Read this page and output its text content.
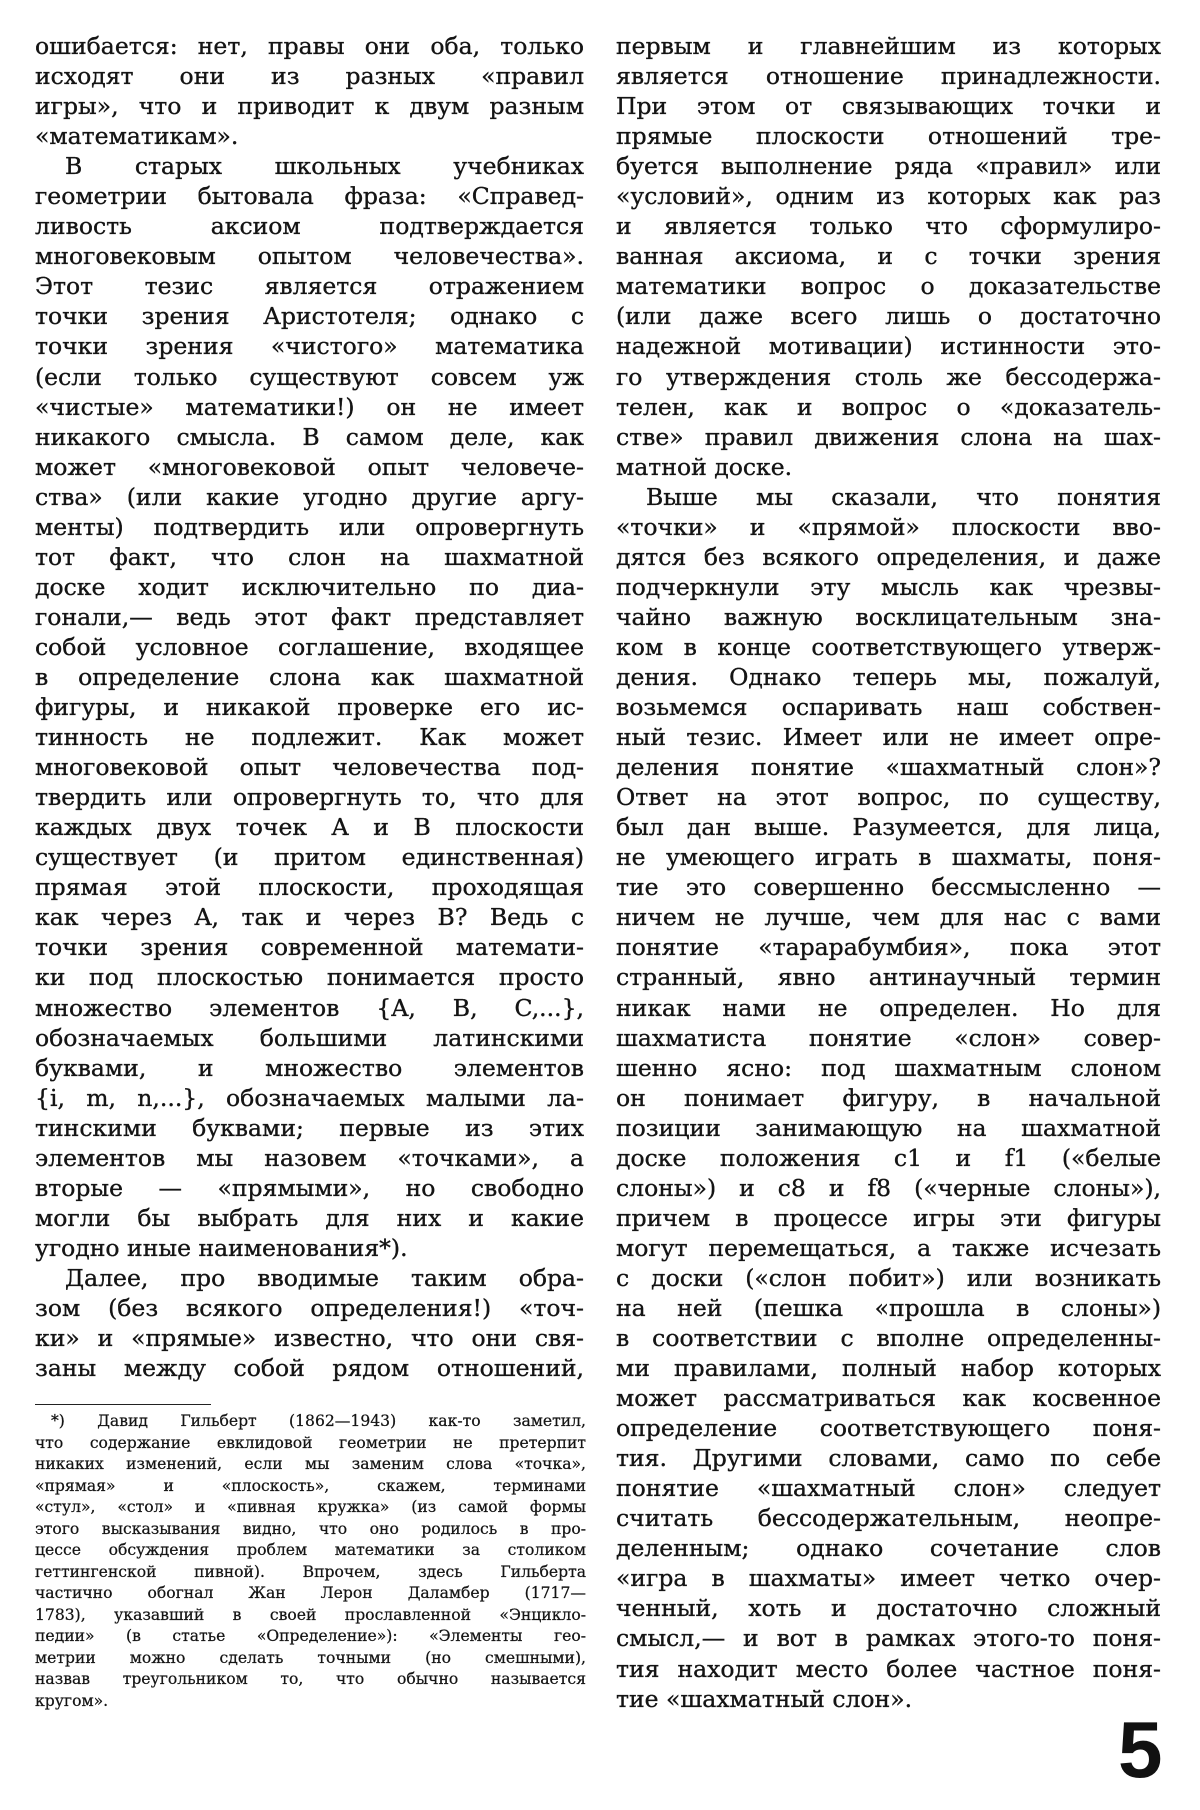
ошибается: нет, правы они оба, только
исходят они из разных «правил
игры», что и приводит к двум разным
«математикам».
В старых школьных учебниках
геометрии бытовала фраза: «Справед-
ливость аксиом подтверждается
многовековым опытом человечества».
Этот тезис является отражением
точки зрения Аристотеля; однако с
точки зрения «чистого» математика
(если только существуют совсем уж
«чистые» математики!) он не имеет
никакого смысла. В самом деле, как
может «многовековой опыт человече-
ства» (или какие угодно другие аргу-
менты) подтвердить или опровергнуть
тот факт, что слон на шахматной
доске ходит исключительно по диа-
гонали,— ведь этот факт представляет
собой условное соглашение, входящее
в определение слона как шахматной
фигуры, и никакой проверке его ис-
тинность не подлежит. Как может
многовековой опыт человечества под-
твердить или опровергнуть то, что для
каждых двух точек A и B плоскости
существует (и притом единственная)
прямая этой плоскости, проходящая
как через A, так и через B? Ведь с
точки зрения современной математи-
ки под плоскостью понимается просто
множество элементов {A, B, C,...},
обозначаемых большими латинскими
буквами, и множество элементов
{i, m, n,...}, обозначаемых малыми ла-
тинскими буквами; первые из этих
элементов мы назовем «точками», а
вторые — «прямыми», но свободно
могли бы выбрать для них и какие
угодно иные наименования*).
Далее, про вводимые таким обра-
зом (без всякого определения!) «точ-
ки» и «прямые» известно, что они свя-
заны между собой рядом отношений,
первым и главнейшим из которых
является отношение принадлежности.
При этом от связывающих точки и
прямые плоскости отношений тре-
буется выполнение ряда «правил» или
«условий», одним из которых как раз
и является только что сформулиро-
ванная аксиома, и с точки зрения
математики вопрос о доказательстве
(или даже всего лишь о достаточно
надежной мотивации) истинности это-
го утверждения столь же бессодержа-
телен, как и вопрос о «доказатель-
стве» правил движения слона на шах-
матной доске.
Выше мы сказали, что понятия
«точки» и «прямой» плоскости вво-
дятся без всякого определения, и даже
подчеркнули эту мысль как чрезвы-
чайно важную восклицательным зна-
ком в конце соответствующего утверж-
дения. Однако теперь мы, пожалуй,
возьмемся оспаривать наш собствен-
ный тезис. Имеет или не имеет опре-
деления понятие «шахматный слон»?
Ответ на этот вопрос, по существу,
был дан выше. Разумеется, для лица,
не умеющего играть в шахматы, поня-
тие это совершенно бессмысленно —
ничем не лучше, чем для нас с вами
понятие «тарарабумбия», пока этот
странный, явно антинаучный термин
никак нами не определен. Но для
шахматиста понятие «слон» совер-
шенно ясно: под шахматным слоном
он понимает фигуру, в начальной
позиции занимающую на шахматной
доске положения c1 и f1 («белые
слоны») и c8 и f8 («черные слоны»),
причем в процессе игры эти фигуры
могут перемещаться, а также исчезать
с доски («слон побит») или возникать
на ней (пешка «прошла в слоны»)
в соответствии с вполне определенны-
ми правилами, полный набор которых
может рассматриваться как косвенное
определение соответствующего поня-
тия. Другими словами, само по себе
понятие «шахматный слон» следует
считать бессодержательным, неопре-
деленным; однако сочетание слов
«игра в шахматы» имеет четко очер-
ченный, хоть и достаточно сложный
смысл,— и вот в рамках этого-то поня-
тия находит место более частное поня-
тие «шахматный слон».
*) Давид Гильберт (1862—1943) как-то заметил,
что содержание евклидовой геометрии не претерпит
никаких изменений, если мы заменим слова «точка»,
«прямая» и «плоскость», скажем, терминами
«стул», «стол» и «пивная кружка» (из самой формы
этого высказывания видно, что оно родилось в про-
цессе обсуждения проблем математики за столиком
геттингенской пивной). Впрочем, здесь Гильберта
частично обогнал Жан Лерон Даламбер (1717—
1783), указавший в своей прославленной «Энцикло-
педии» (в статье «Определение»): «Элементы гео-
метрии можно сделать точными (но смешными),
назвав треугольником то, что обычно называется
кругом».
5
